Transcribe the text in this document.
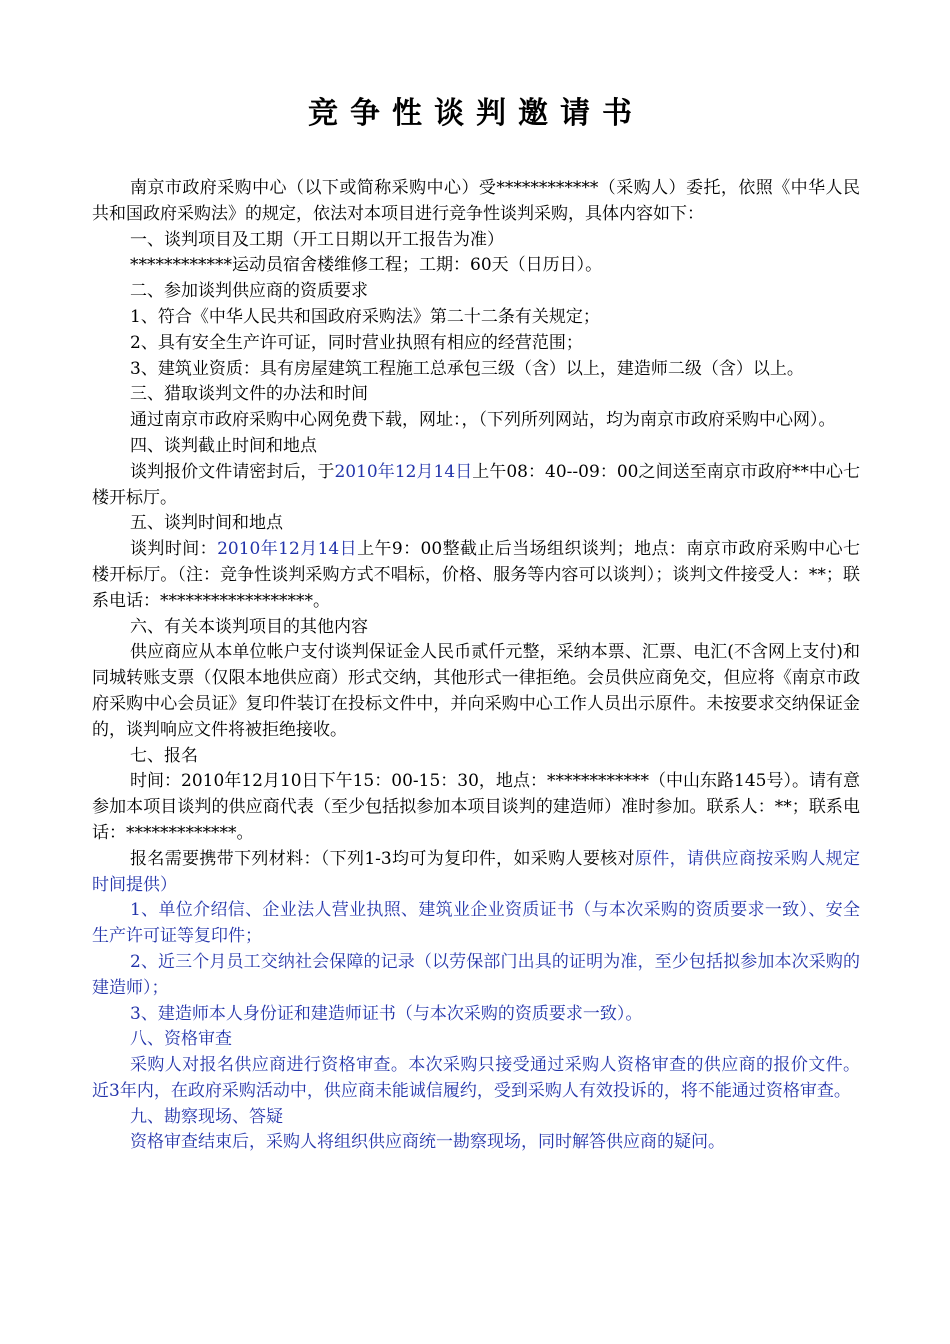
竞争性谈判邀请书

南京市政府采购中心（以下或简称采购中心）受************（采购人）委托，依照《中华人民共和国政府采购法》的规定，依法对本项目进行竞争性谈判采购，具体内容如下：

一、谈判项目及工期（开工日期以开工报告为准）

************运动员宿舍楼维修工程；工期：60天（日历日）。

二、参加谈判供应商的资质要求

1、符合《中华人民共和国政府采购法》第二十二条有关规定；

2、具有安全生产许可证，同时营业执照有相应的经营范围；

3、建筑业资质：具有房屋建筑工程施工总承包三级（含）以上，建造师二级（含）以上。

三、猎取谈判文件的办法和时间

通过南京市政府采购中心网免费下载，网址：，（下列所列网站，均为南京市政府采购中心网）。

四、谈判截止时间和地点

谈判报价文件请密封后，于2010年12月14日上午08：40--09：00之间送至南京市政府**中心七楼开标厅。

五、谈判时间和地点

谈判时间：2010年12月14日上午9：00整截止后当场组织谈判；地点：南京市政府采购中心七楼开标厅。（注：竞争性谈判采购方式不唱标，价格、服务等内容可以谈判）；谈判文件接受人：**；联系电话：******************。

六、有关本谈判项目的其他内容

供应商应从本单位帐户支付谈判保证金人民币贰仟元整，采纳本票、汇票、电汇(不含网上支付)和同城转账支票（仅限本地供应商）形式交纳，其他形式一律拒绝。会员供应商免交，但应将《南京市政府采购中心会员证》复印件装订在投标文件中，并向采购中心工作人员出示原件。未按要求交纳保证金的，谈判响应文件将被拒绝接收。

七、报名

时间：2010年12月10日下午15：00-15：30，地点：************（中山东路145号）。请有意参加本项目谈判的供应商代表（至少包括拟参加本项目谈判的建造师）准时参加。联系人：**；联系电话：*************。

报名需要携带下列材料：（下列1-3均可为复印件，如采购人要核对原件，请供应商按采购人规定时间提供）

1、单位介绍信、企业法人营业执照、建筑业企业资质证书（与本次采购的资质要求一致）、安全生产许可证等复印件；

2、近三个月员工交纳社会保障的记录（以劳保部门出具的证明为准，至少包括拟参加本次采购的建造师）；

3、建造师本人身份证和建造师证书（与本次采购的资质要求一致）。

八、资格审查

采购人对报名供应商进行资格审查。本次采购只接受通过采购人资格审查的供应商的报价文件。近3年内，在政府采购活动中，供应商未能诚信履约，受到采购人有效投诉的，将不能通过资格审查。

九、勘察现场、答疑

资格审查结束后，采购人将组织供应商统一勘察现场，同时解答供应商的疑问。
